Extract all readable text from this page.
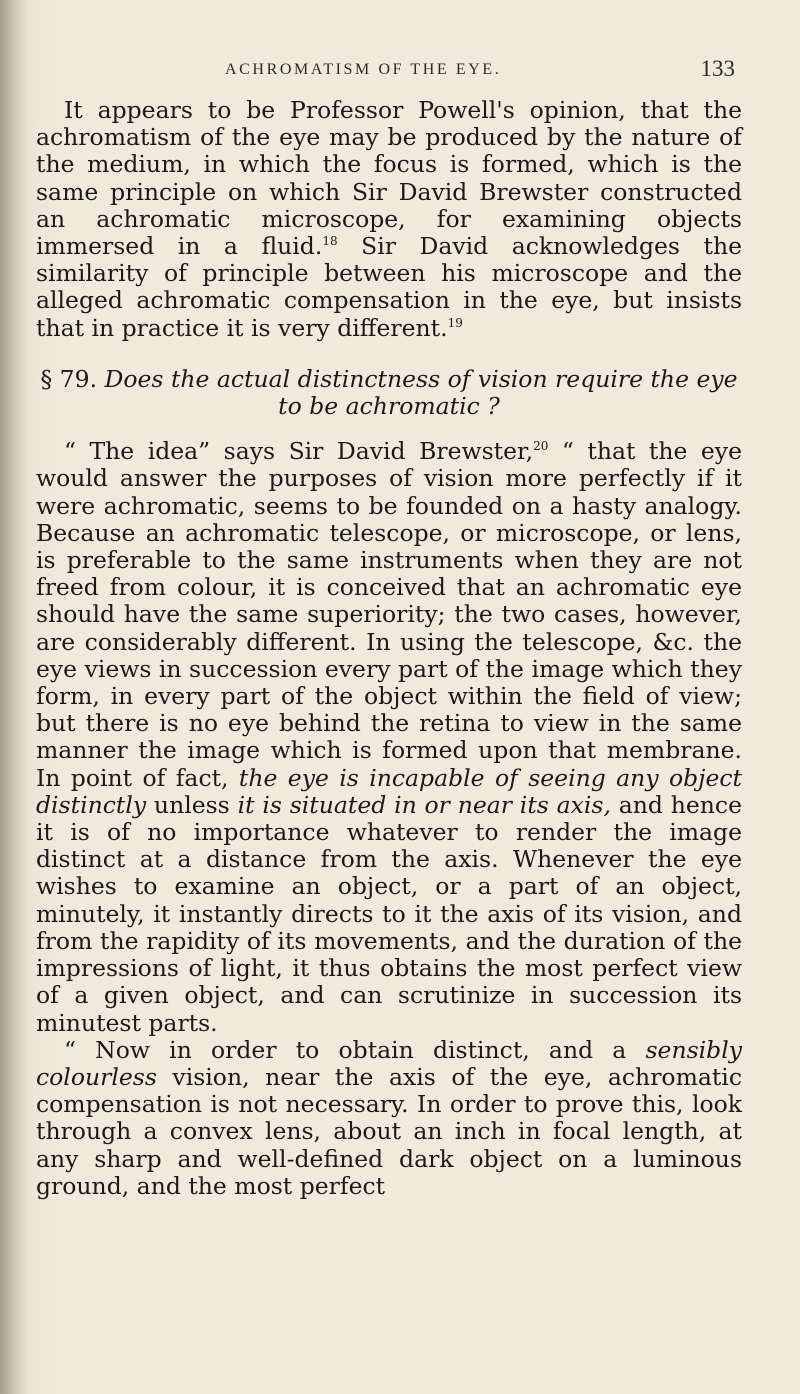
ACHROMATISM OF THE EYE.	133

It appears to be Professor Powell's opinion, that the achromatism of the eye may be produced by the nature of the medium, in which the focus is formed, which is the same principle on which Sir David Brewster constructed an achromatic microscope, for examining objects immersed in a fluid.$^{18}$ Sir David acknowledges the similarity of principle between his microscope and the alleged achromatic compensation in the eye, but insists that in practice it is very different.$^{19}$

§ 79. Does the actual distinctness of vision require the eye
to be achromatic ?

“ The idea” says Sir David Brewster,$^{20}$ “ that the eye would answer the purposes of vision more perfectly if it were achromatic, seems to be founded on a hasty analogy. Because an achromatic telescope, or microscope, or lens, is preferable to the same instruments when they are not freed from colour, it is conceived that an achromatic eye should have the same superiority; the two cases, however, are considerably different. In using the telescope, &c. the eye views in succession every part of the image which they form, in every part of the object within the field of view; but there is no eye behind the retina to view in the same manner the image which is formed upon that membrane. In point of fact, the eye is incapable of seeing any object distinctly unless it is situated in or near its axis, and hence it is of no importance whatever to render the image distinct at a distance from the axis. Whenever the eye wishes to examine an object, or a part of an object, minutely, it instantly directs to it the axis of its vision, and from the rapidity of its movements, and the duration of the impressions of light, it thus obtains the most perfect view of a given object, and can scrutinize in succession its minutest parts.

“ Now in order to obtain distinct, and a sensibly colourless vision, near the axis of the eye, achromatic compensation is not necessary. In order to prove this, look through a convex lens, about an inch in focal length, at any sharp and well-defined dark object on a luminous ground, and the most perfect
